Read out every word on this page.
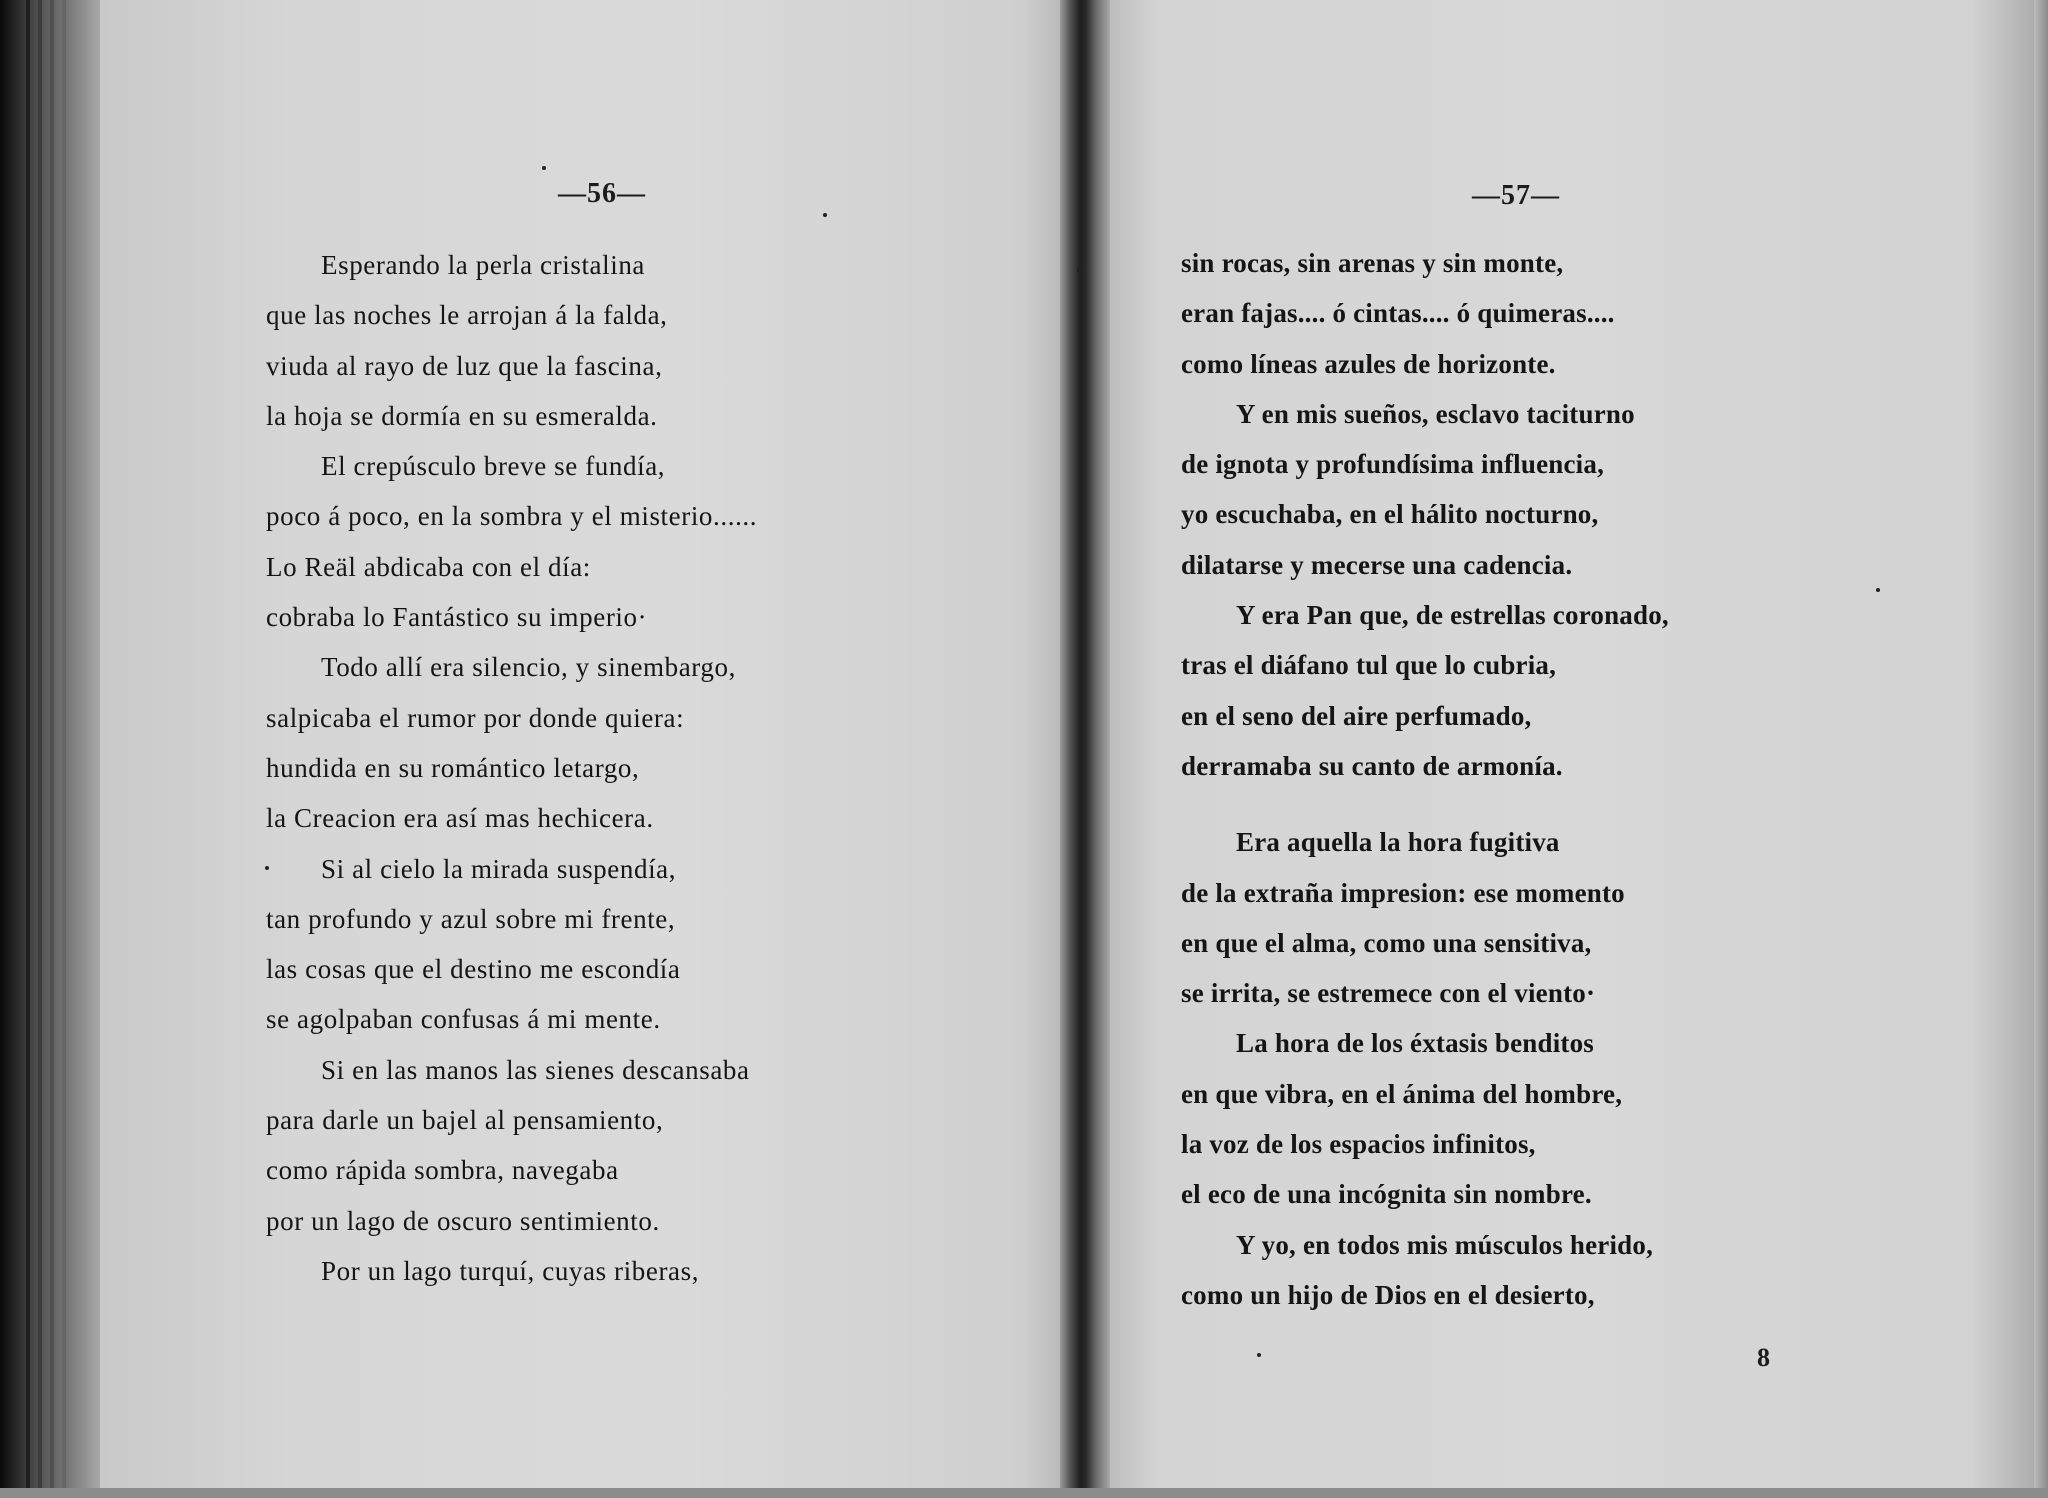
—56—	—57—
Esperando la perla cristalina
que las noches le arrojan á la falda,
viuda al rayo de luz que la fascina,
la hoja se dormía en su esmeralda.
El crepúsculo breve se fundía,
poco á poco, en la sombra y el misterio......
Lo Reäl abdicaba con el día:
cobraba lo Fantástico su imperio·
Todo allí era silencio, y sinembargo,
salpicaba el rumor por donde quiera:
hundida en su romántico letargo,
la Creacion era así mas hechicera.
Si al cielo la mirada suspendía,
tan profundo y azul sobre mi frente,
las cosas que el destino me escondía
se agolpaban confusas á mi mente.
Si en las manos las sienes descansaba
para darle un bajel al pensamiento,
como rápida sombra, navegaba
por un lago de oscuro sentimiento.
Por un lago turquí, cuyas riberas,
sin rocas, sin arenas y sin monte,
eran fajas.... ó cintas.... ó quimeras....
como líneas azules de horizonte.
Y en mis sueños, esclavo taciturno
de ignota y profundísima influencia,
yo escuchaba, en el hálito nocturno,
dilatarse y mecerse una cadencia.
Y era Pan que, de estrellas coronado,
tras el diáfano tul que lo cubria,
en el seno del aire perfumado,
derramaba su canto de armonía.
Era aquella la hora fugitiva
de la extraña impresion: ese momento
en que el alma, como una sensitiva,
se irrita, se estremece con el viento·
La hora de los éxtasis benditos
en que vibra, en el ánima del hombre,
la voz de los espacios infinitos,
el eco de una incógnita sin nombre.
Y yo, en todos mis músculos herido,
como un hijo de Dios en el desierto,
8
